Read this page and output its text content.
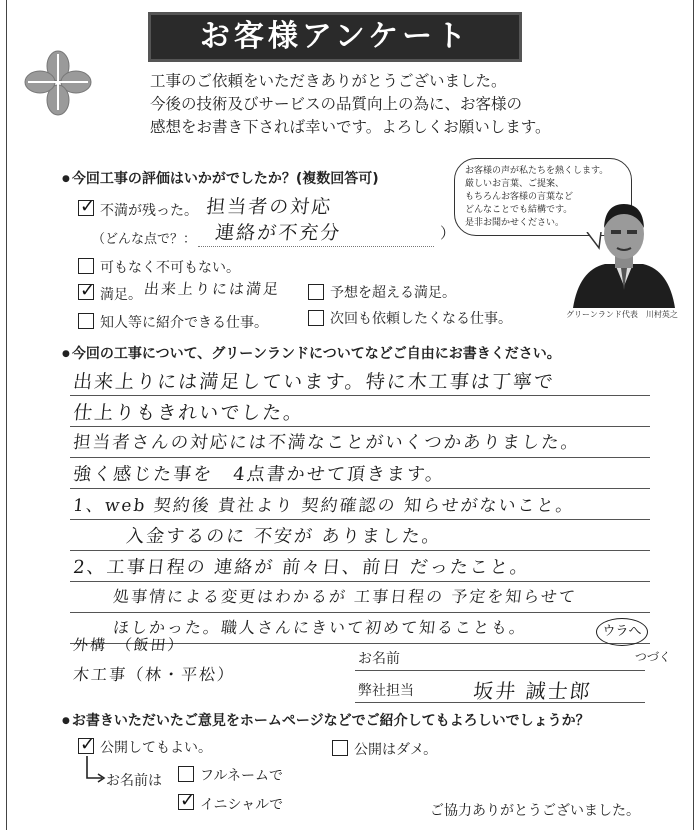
お客様アンケート
工事のご依頼をいただきありがとうございました。
今後の技術及びサービスの品質向上の為に、お客様の
感想をお書き下されば幸いです。よろしくお願いします。
● 今回工事の評価はいかがでしたか？(複数回答可)
✓ 不満が残った。 担当者の対応
（どんな点で？： 連絡が不充分	）
可もなく不可もない。
✓ 満足。 出来上りには満足	予想を超える満足。
知人等に紹介できる仕事。	次回も依頼したくなる仕事。
お客様の声が私たちを熱くします。
厳しいお言葉、ご提案、
もちろんお客様の言葉など
どんなことでも結構です。
是非お聞かせください。
グリーンランド代表　川村英之
● 今回の工事について、グリーンランドについてなどご自由にお書きください。
出来上りには満足しています。特に木工事は丁寧で
仕上りもきれいでした。
担当者さんの対応には不満なことがいくつかありました。
強く感じた事を　4点書かせて頂きます。
1、web 契約後 貴社より 契約確認の 知らせがないこと。
入金するのに 不安が ありました。
2、工事日程の 連絡が 前々日、前日 だったこと。
処事情による変更はわかるが 工事日程の 予定を知らせて
ほしかった。職人さんにきいて初めて知ることも。	ウラへ
つづく
外構　（飯田）
木工事（林・平松）
お名前
弊社担当	坂井 誠士郎
● お書きいただいたご意見をホームページなどでご紹介してもよろしいでしょうか？
✓ 公開してもよい。	公開はダメ。
お名前は	フルネームで
✓ イニシャルで	ご協力ありがとうございました。
